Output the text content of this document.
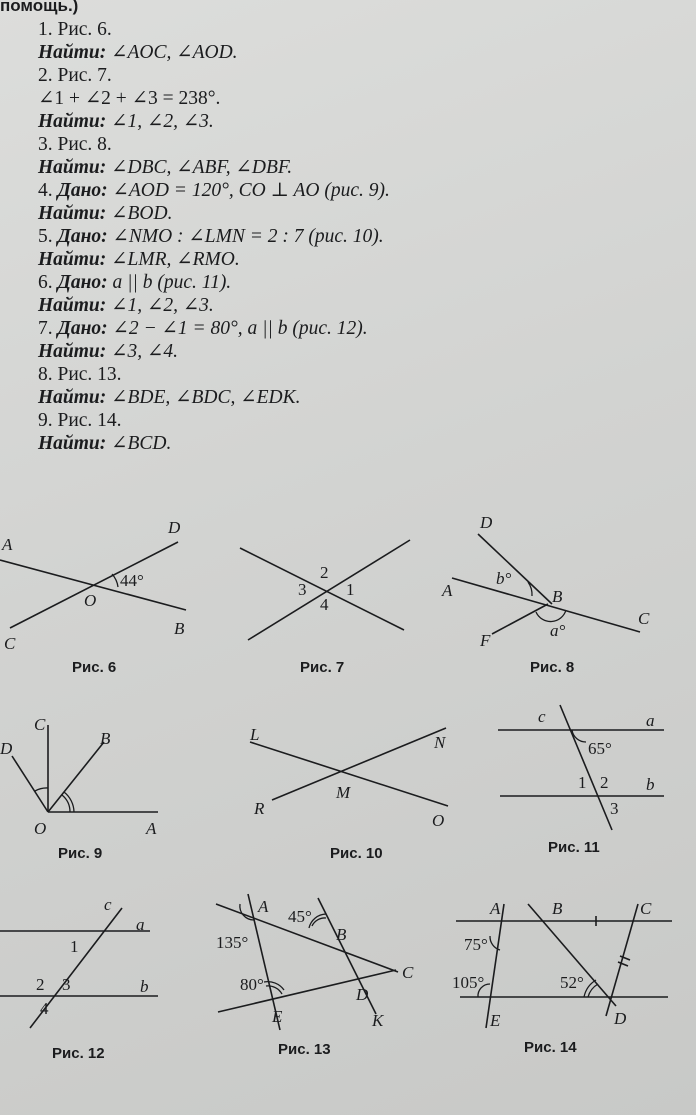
помощь.)
1. Рис. 6.
Найти: ∠AOC, ∠AOD.
2. Рис. 7.
∠1 + ∠2 + ∠3 = 238°.
Найти: ∠1, ∠2, ∠3.
3. Рис. 8.
Найти: ∠DBC, ∠ABF, ∠DBF.
4. Дано: ∠AOD = 120°, CO ⊥ AO (рис. 9).
Найти: ∠BOD.
5. Дано: ∠NMO : ∠LMN = 2 : 7 (рис. 10).
Найти: ∠LMR, ∠RMO.
6. Дано: a || b (рис. 11).
Найти: ∠1, ∠2, ∠3.
7. Дано: ∠2 − ∠1 = 80°, a || b (рис. 12).
Найти: ∠3, ∠4.
8. Рис. 13.
Найти: ∠BDE, ∠BDC, ∠EDK.
9. Рис. 14.
Найти: ∠BCD.
A
D
O
C
B
44°
Рис. 6
2
3 1
4
Рис. 7
D
A	B
C
F
b°
a°
Рис. 8
D
C
B
O	A
Рис. 9
L	N
M
R
O
Рис. 10
c	a
b
1 2
3
65°
Рис. 11
c
a
b
1
2 3
4
Рис. 12
A
B
C
D
E	K
45°
135°
80°
Рис. 13
A	B	C
E	D
75°
105°	52°
Рис. 14
